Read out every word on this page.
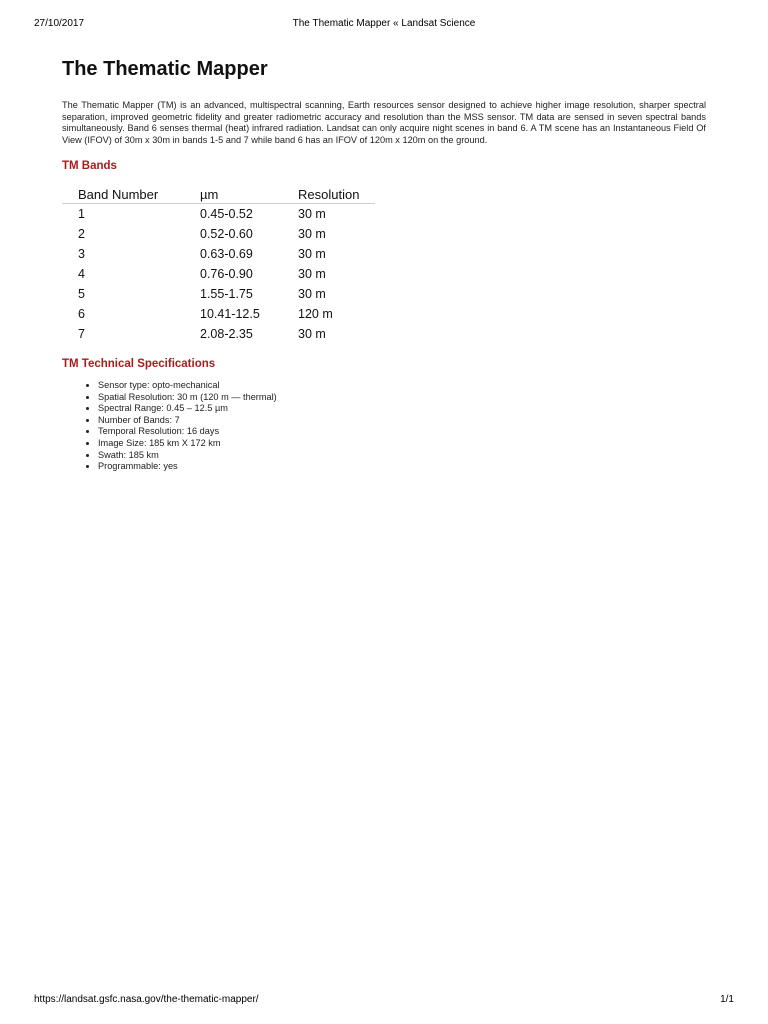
27/10/2017	The Thematic Mapper « Landsat Science
The Thematic Mapper

The Thematic Mapper (TM) is an advanced, multispectral scanning, Earth resources sensor designed to achieve higher image resolution, sharper spectral separation, improved geometric fidelity and greater radiometric accuracy and resolution than the MSS sensor. TM data are sensed in seven spectral bands simultaneously. Band 6 senses thermal (heat) infrared radiation. Landsat can only acquire night scenes in band 6. A TM scene has an Instantaneous Field Of View (IFOV) of 30m x 30m in bands 1-5 and 7 while band 6 has an IFOV of 120m x 120m on the ground.

TM Bands
Band Number	µm	Resolution
1	0.45-0.52	30 m
2	0.52-0.60	30 m
3	0.63-0.69	30 m
4	0.76-0.90	30 m
5	1.55-1.75	30 m
6	10.41-12.5	120 m
7	2.08-2.35	30 m
TM Technical Specifications
• Sensor type: opto-mechanical
• Spatial Resolution: 30 m (120 m — thermal)
• Spectral Range: 0.45 – 12.5 µm
• Number of Bands: 7
• Temporal Resolution: 16 days
• Image Size: 185 km X 172 km
• Swath: 185 km
• Programmable: yes
https://landsat.gsfc.nasa.gov/the-thematic-mapper/	1/1
